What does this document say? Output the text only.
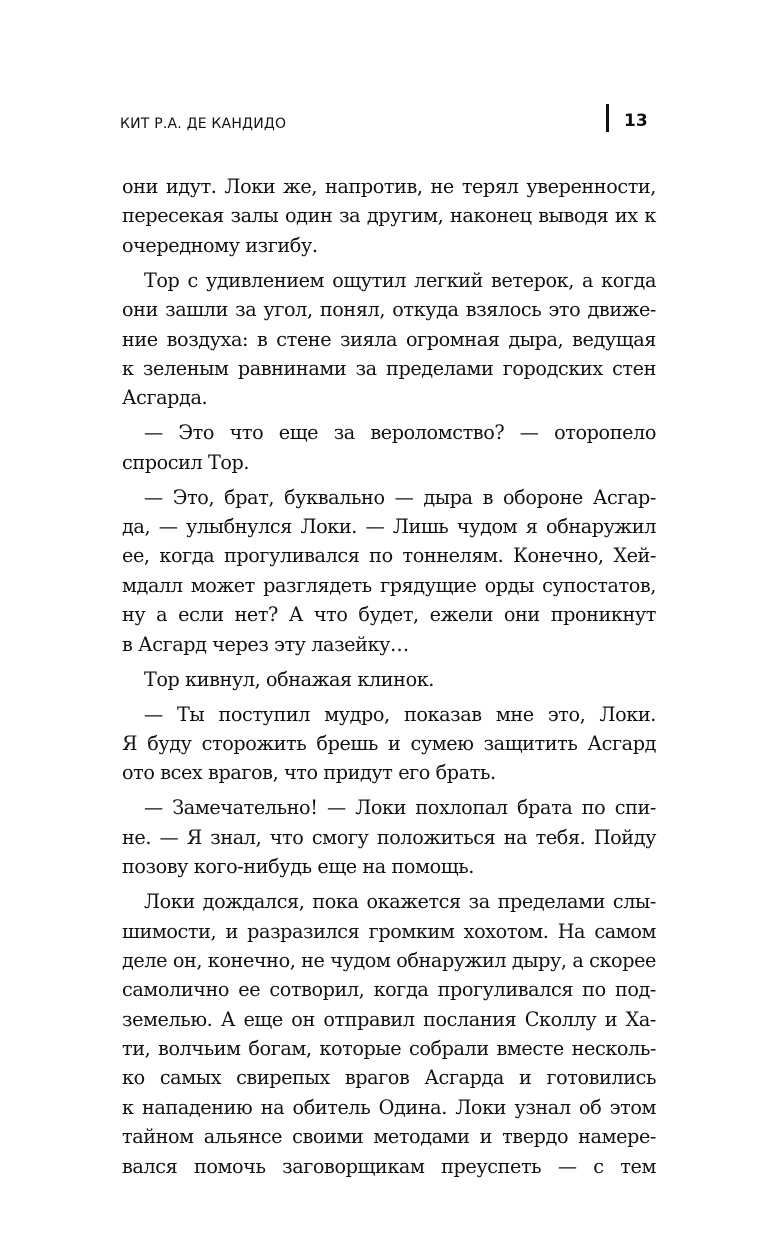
КИТ Р.А. ДЕ КАНДИДО	13
они идут. Локи же, напротив, не терял уверенности,
пересекая залы один за другим, наконец выводя их к
очередному изгибу.
Тор с удивлением ощутил легкий ветерок, а когда
они зашли за угол, понял, откуда взялось это движе-
ние воздуха: в стене зияла огромная дыра, ведущая
к зеленым равнинами за пределами городских стен
Асгарда.
— Это что еще за вероломство? — оторопело
спросил Тор.
— Это, брат, буквально — дыра в обороне Асгар-
да, — улыбнулся Локи. — Лишь чудом я обнаружил
ее, когда прогуливался по тоннелям. Конечно, Хей-
мдалл может разглядеть грядущие орды супостатов,
ну а если нет? А что будет, ежели они проникнут
в Асгард через эту лазейку…
Тор кивнул, обнажая клинок.
— Ты поступил мудро, показав мне это, Локи.
Я буду сторожить брешь и сумею защитить Асгард
ото всех врагов, что придут его брать.
— Замечательно! — Локи похлопал брата по спи-
не. — Я знал, что смогу положиться на тебя. Пойду
позову кого-нибудь еще на помощь.
Локи дождался, пока окажется за пределами слы-
шимости, и разразился громким хохотом. На самом
деле он, конечно, не чудом обнаружил дыру, а скорее
самолично ее сотворил, когда прогуливался по под-
земелью. А еще он отправил послания Сколлу и Ха-
ти, волчьим богам, которые собрали вместе несколь-
ко самых свирепых врагов Асгарда и готовились
к нападению на обитель Одина. Локи узнал об этом
тайном альянсе своими методами и твердо намере-
вался помочь заговорщикам преуспеть — с тем
